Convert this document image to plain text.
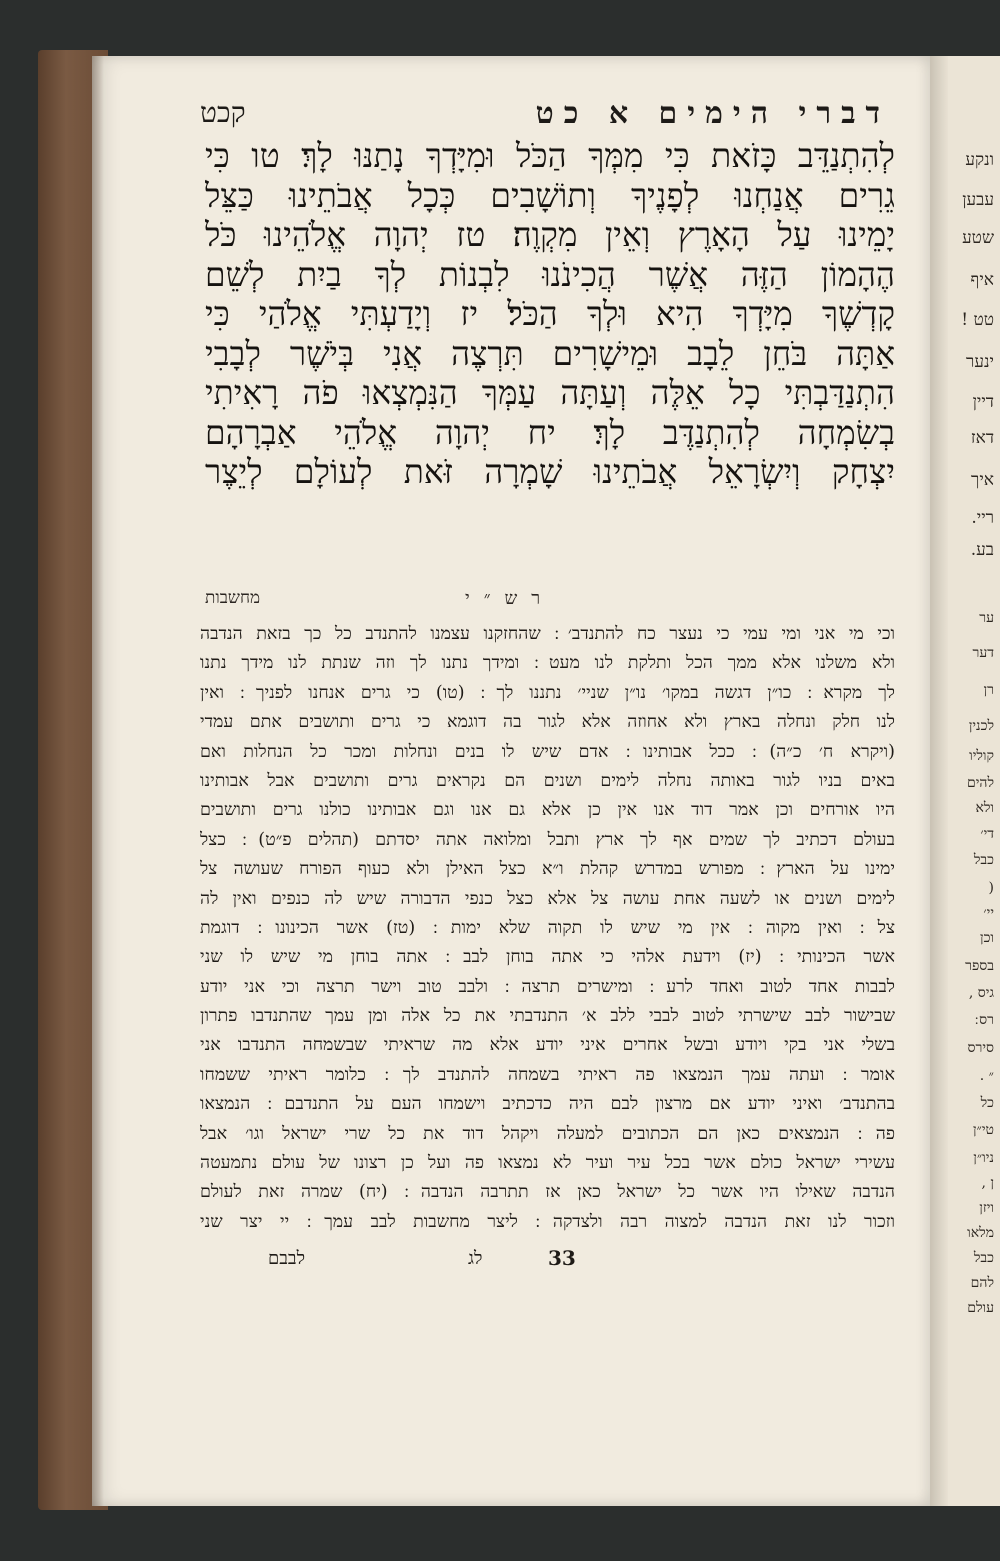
ונקע
עבען
שטע
איף
טט !
ינער
דיין
דאז
איך
ריי.
בע.
ער
דער
רן
לכנין
קוליו
להים
ולא
די׳
כבל
׃(
יי׳
וכן
בספר
גיס ,
רס ׃
סירס
״ .
כל
טי״ן
ניו״ן
ן ,
ויזן
מלאו
כבל
להם
עולם
דברי הימים א כט
קכט
לְהִתְנַדֵּב כָּזֹאת כִּי מִמְּךָ הַכֹּל וּמִיָּדְךָ נָתַנּוּ לָךְ׃ טו כִּי
גֵרִים אֲנַחְנוּ לְפָנֶיךָ וְתוֹשָׁבִים כְּכָל אֲבֹתֵינוּ כַּצֵּל
יָמֵינוּ עַל הָאָרֶץ וְאֵין מִקְוֶה׃ טז יְהוָה אֱלֹהֵינוּ כֹּל
הֶהָמוֹן הַזֶּה אֲשֶׁר הֲכִינֹנוּ לִבְנוֹת לְךָ בַיִת לְשֵׁם
קָדְשֶׁךָ מִיָּדְךָ הִיא וּלְךָ הַכֹּל׃ יז וְיָדַעְתִּי אֱלֹהַי כִּי
אַתָּה בֹּחֵן לֵבָב וּמֵישָׁרִים תִּרְצֶה אֲנִי בְּיֹשֶׁר לְבָבִי
הִתְנַדַּבְתִּי כָל אֵלֶּה וְעַתָּה עַמְּךָ הַנִּמְצְאוּ פֹה רָאִיתִי
בְשִׂמְחָה לְהִתְנַדֶּב לָךְ׃ יח יְהוָה אֱלֹהֵי אַבְרָהָם
יִצְחָק וְיִשְׂרָאֵל אֲבֹתֵינוּ שָׁמְרָה זֹּאת לְעוֹלָם לְיֵצֶר
רש״י
מחשבות
וכי מי אני ומי עמי כי נעצר כח להתנדב׳ ׃ שהחזקנו עצמנו להתנדב כל כך בזאת הנדבה
ולא משלנו אלא ממך הכל ותלקת לנו מעט ׃ ומידך נתנו לך וזה שנתת לנו מידך נתנו
לך מקרא ׃ כו״ן דגשה במקו׳ נו״ן שניי׳ נתננו לך ׃ (טו) כי גרים אנחנו לפניך ׃ ואין
לנו חלק ונחלה בארץ ולא אחוזה אלא לגור בה דוגמא כי גרים ותושבים אתם עמדי
(ויקרא ח׳ כ״ה) ׃ ככל אבותינו ׃ אדם שיש לו בנים ונחלות ומכר כל הנחלות ואם
באים בניו לגור באותה נחלה לימים ושנים הם נקראים גרים ותושבים אבל אבותינו
היו אורחים וכן אמר דוד אנו אין כן אלא גם אנו וגם אבותינו כולנו גרים ותושבים
בעולם דכתיב לך שמים אף לך ארץ ותבל ומלואה אתה יסדתם (תהלים פ״ט) ׃ כצל
ימינו על הארץ ׃ מפורש במדרש קהלת ו״א כצל האילן ולא כעוף הפורח שעושה צל
לימים ושנים או לשעה אחת עושה צל אלא כצל כנפי הדבורה שיש לה כנפים ואין לה
צל ׃ ואין מקוה ׃ אין מי שיש לו תקוה שלא ימות ׃ (טז) אשר הכינונו ׃ דוגמת
אשר הכינותי ׃ (יז) וידעת אלהי כי אתה בוחן לבב ׃ אתה בוחן מי שיש לו שני
לבבות אחד לטוב ואחד לרע ׃ ומישרים תרצה ׃ ולבב טוב וישר תרצה וכי אני יודע
שבישור לבב שישרתי לטוב לבבי ללב א׳ התנדבתי את כל אלה ומן עמך שהתנדבו פתרון
בשלי אני בקי ויודע ובשל אחרים איני יודע אלא מה שראיתי שבשמחה התנדבו אני
אומר ׃ ועתה עמך הנמצאו פה ראיתי בשמחה להתנדב לך ׃ כלומר ראיתי ששמחו
בהתנדב׳ ואיני יודע אם מרצון לבם היה כדכתיב וישמחו העם על התנדבם ׃ הנמצאו
פה ׃ הנמצאים כאן הם הכתובים למעלה ויקהל דוד את כל שרי ישראל וגו׳ אבל
עשירי ישראל כולם אשר בכל עיר ועיר לא נמצאו פה ועל כן רצונו של עולם נתמעטה
הנדבה שאילו היו אשר כל ישראל כאן אז תתרבה הנדבה ׃ (יח) שמרה זאת לעולם
וזכור לנו זאת הנדבה למצוה רבה ולצדקה ׃ ליצר מחשבות לבב עמך ׃ יי יצר שני
לבבם	לג	33
